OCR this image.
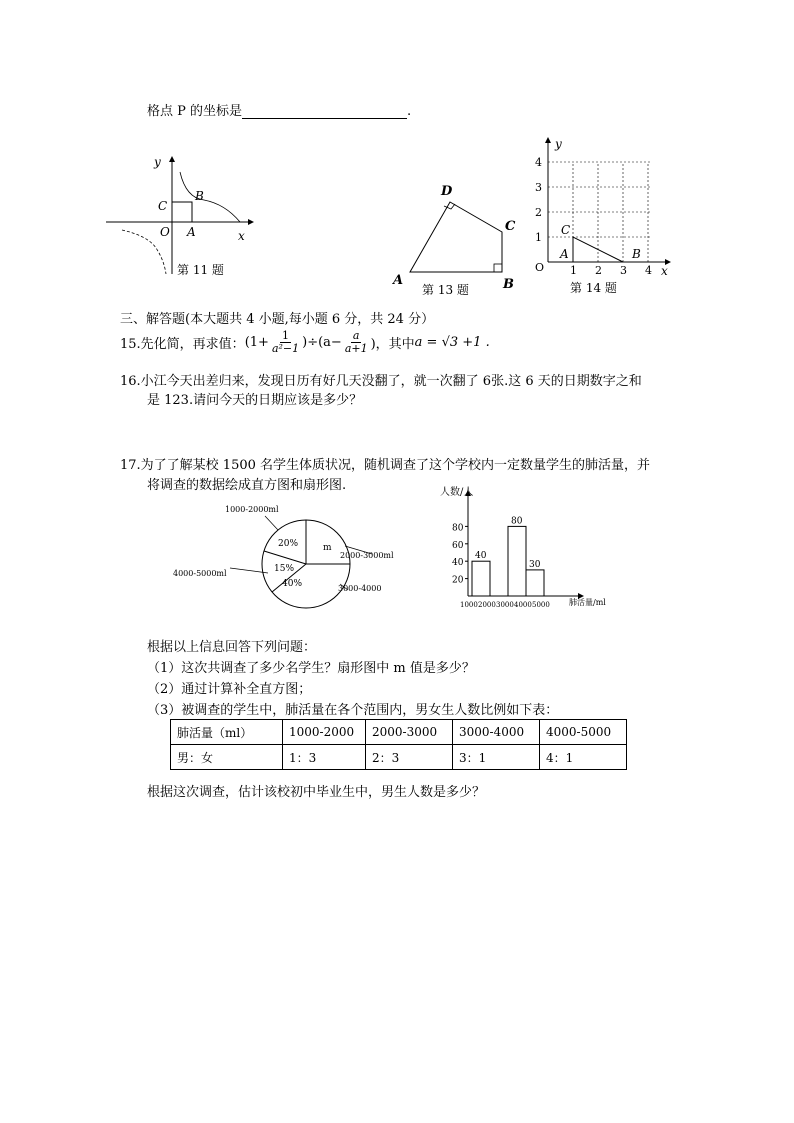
格点 P 的坐标是	.
y
x
C
B
O A
第 11 题
D
C
A	B
第 13 题
y
x
O
4
3
2
1
1 2 3 4
C
A	B
第 14 题
三、解答题(本大题共 4 小题,每小题 6 分，共 24 分）
15.先化简，再求值： $(1+ \frac{1}{\text{a²−1}} )\div(a- \frac{a}{a+1}$ )，其中 a = √3 +1 .
16.小江今天出差归来，发现日历有好几天没翻了，就一次翻了 6张.这 6 天的日期数字之和
是 123.请问今天的日期应该是多少？
17.为了了解某校 1500 名学生体质状况，随机调查了这个学校内一定数量学生的肺活量，并
将调查的数据绘成直方图和扇形图.
1000-2000ml
2000-3000ml
3000-4000
4000-5000ml
20%	m
15%
40%
人数/人
肺活量/ml
80
60
40
20
1000 2000 3000 4000 5000
40
80
30
根据以上信息回答下列问题：
（1）这次共调查了多少名学生？扇形图中 m 值是多少？
（2）通过计算补全直方图；
（3）被调查的学生中，肺活量在各个范围内，男女生人数比例如下表：
肺活量（ml）	1000-2000	2000-3000	3000-4000	4000-5000
男：女	1：3	2：3	3：1	4：1
根据这次调查，估计该校初中毕业生中，男生人数是多少？
